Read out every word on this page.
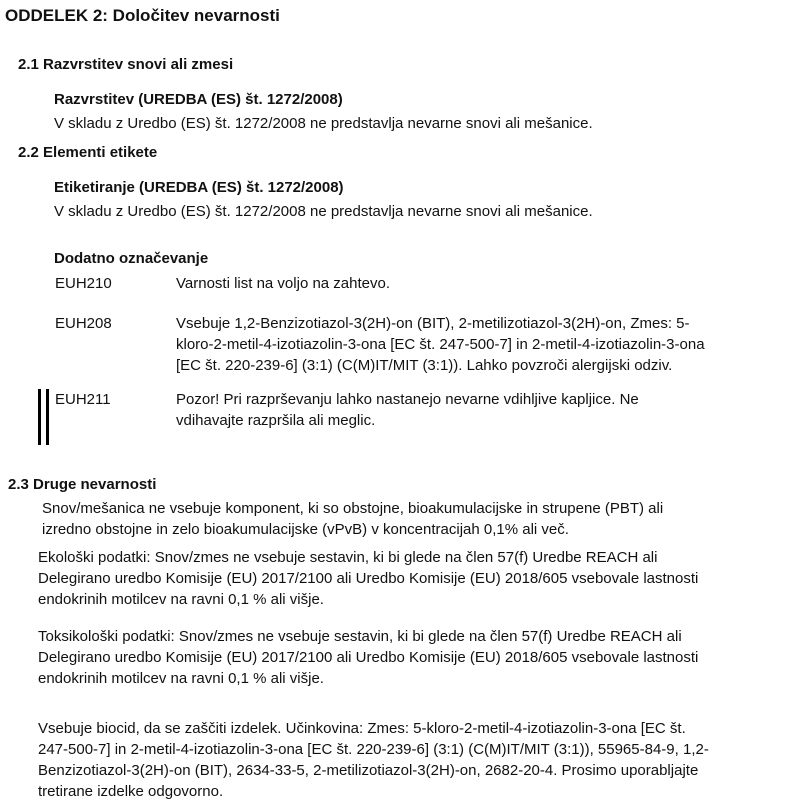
ODDELEK 2: Določitev nevarnosti
2.1 Razvrstitev snovi ali zmesi
Razvrstitev (UREDBA (ES) št. 1272/2008)
V skladu z Uredbo (ES) št. 1272/2008 ne predstavlja nevarne snovi ali mešanice.
2.2 Elementi etikete
Etiketiranje (UREDBA (ES) št. 1272/2008)
V skladu z Uredbo (ES) št. 1272/2008 ne predstavlja nevarne snovi ali mešanice.
Dodatno označevanje
EUH210	Varnosti list na voljo na zahtevo.
EUH208	Vsebuje 1,2-Benzizotiazol-3(2H)-on (BIT), 2-metilizotiazol-3(2H)-on, Zmes: 5-
kloro-2-metil-4-izotiazolin-3-ona [EC št. 247-500-7] in 2-metil-4-izotiazolin-3-ona
[EC št. 220-239-6] (3:1) (C(M)IT/MIT (3:1)). Lahko povzroči alergijski odziv.
EUH211	Pozor! Pri razprševanju lahko nastanejo nevarne vdihljive kapljice. Ne
vdihavajte razpršila ali meglic.
2.3 Druge nevarnosti
Snov/mešanica ne vsebuje komponent, ki so obstojne, bioakumulacijske in strupene (PBT) ali
izredno obstojne in zelo bioakumulacijske (vPvB) v koncentracijah 0,1% ali več.
Ekološki podatki: Snov/zmes ne vsebuje sestavin, ki bi glede na člen 57(f) Uredbe REACH ali
Delegirano uredbo Komisije (EU) 2017/2100 ali Uredbo Komisije (EU) 2018/605 vsebovale lastnosti
endokrinih motilcev na ravni 0,1 % ali višje.
Toksikološki podatki: Snov/zmes ne vsebuje sestavin, ki bi glede na člen 57(f) Uredbe REACH ali
Delegirano uredbo Komisije (EU) 2017/2100 ali Uredbo Komisije (EU) 2018/605 vsebovale lastnosti
endokrinih motilcev na ravni 0,1 % ali višje.
Vsebuje biocid, da se zaščiti izdelek. Učinkovina: Zmes: 5-kloro-2-metil-4-izotiazolin-3-ona [EC št.
247-500-7] in 2-metil-4-izotiazolin-3-ona [EC št. 220-239-6] (3:1) (C(M)IT/MIT (3:1)), 55965-84-9, 1,2-
Benzizotiazol-3(2H)-on (BIT), 2634-33-5, 2-metilizotiazol-3(2H)-on, 2682-20-4. Prosimo uporabljajte
tretirane izdelke odgovorno.
